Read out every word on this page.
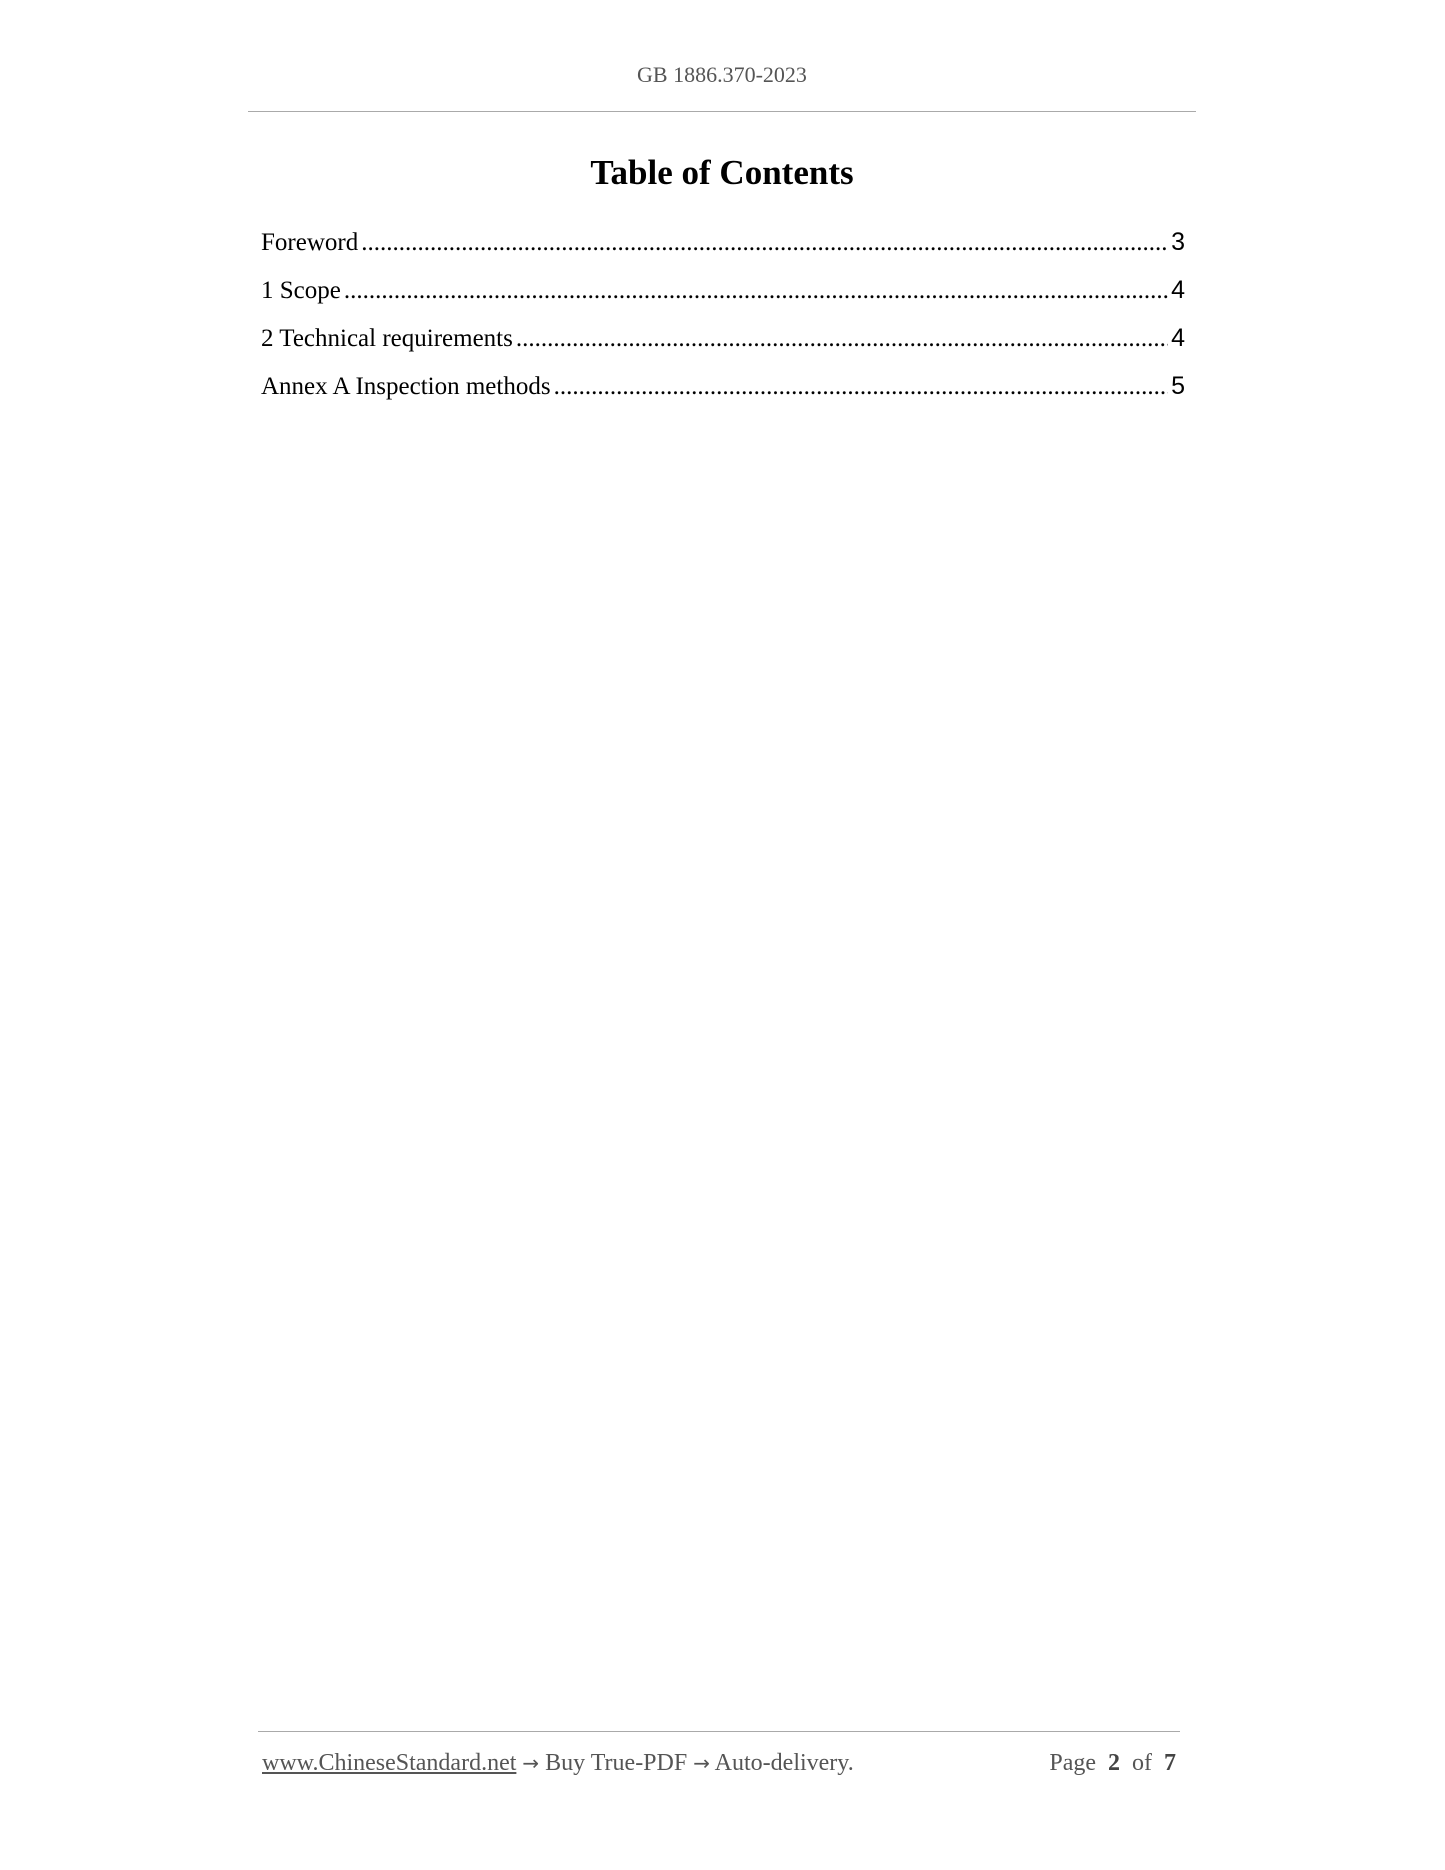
GB 1886.370-2023
Table of Contents
Foreword .....	3
1 Scope .....	4
2 Technical requirements .....	4
Annex A Inspection methods .....	5
www.ChineseStandard.net → Buy True-PDF → Auto-delivery.	Page 2 of 7
